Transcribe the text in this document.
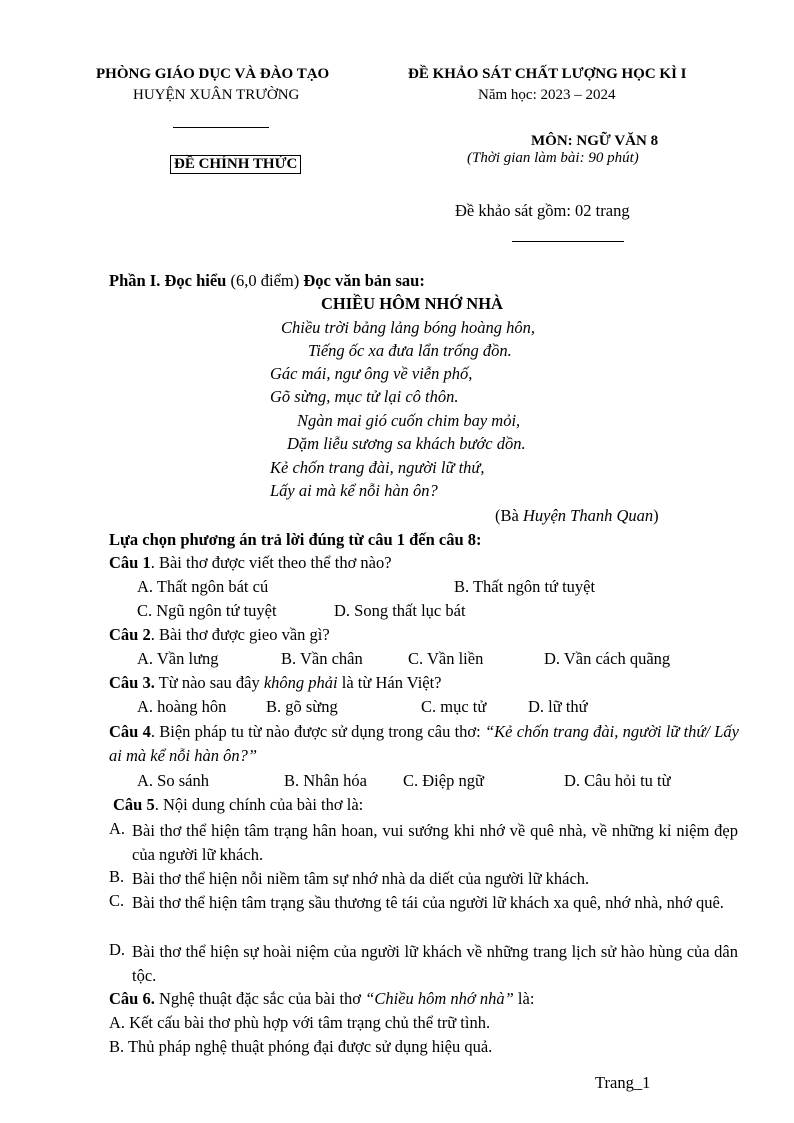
PHÒNG GIÁO DỤC VÀ ĐÀO TẠO
HUYỆN XUÂN TRƯỜNG
ĐỀ CHÍNH THỨC
ĐỀ KHẢO SÁT CHẤT LƯỢNG HỌC KÌ I
Năm học: 2023 – 2024
MÔN: NGỮ VĂN 8
(Thời gian làm bài: 90 phút)
Đề khảo sát gồm: 02 trang
Phần I. Đọc hiểu (6,0 điểm) Đọc văn bản sau:
CHIỀU HÔM NHỚ NHÀ
Chiều trời bảng lảng bóng hoàng hôn,
Tiếng ốc xa đưa lẩn trống đồn.
Gác mái, ngư ông về viễn phố,
Gõ sừng, mục tử lại cô thôn.
Ngàn mai gió cuốn chim bay mỏi,
Dặm liễu sương sa khách bước dồn.
Kẻ chốn trang đài, người lữ thứ,
Lấy ai mà kể nỗi hàn ôn?
(Bà Huyện Thanh Quan)
Lựa chọn phương án trả lời đúng từ câu 1 đến câu 8:
Câu 1. Bài thơ được viết theo thể thơ nào?
A. Thất ngôn bát cú	B. Thất ngôn tứ tuyệt
C. Ngũ ngôn tứ tuyệt	D. Song thất lục bát
Câu 2. Bài thơ được gieo vần gì?
A. Vần lưng	B. Vần chân	C. Vần liền	D. Vần cách quãng
Câu 3. Từ nào sau đây không phải là từ Hán Việt?
A. hoàng hôn B. gõ sừng	C. mục tử	D. lữ thứ
Câu 4. Biện pháp tu từ nào được sử dụng trong câu thơ: “Kẻ chốn trang đài, người lữ thứ/ Lấy ai mà kể nỗi hàn ôn?”
A. So sánh	B. Nhân hóa C. Điệp ngữ	D. Câu hỏi tu từ
Câu 5. Nội dung chính của bài thơ là:
A. Bài thơ thể hiện tâm trạng hân hoan, vui sướng khi nhớ về quê nhà, về những kỉ niệm đẹp của người lữ khách.
B. Bài thơ thể hiện nỗi niềm tâm sự nhớ nhà da diết của người lữ khách.
C. Bài thơ thể hiện tâm trạng sầu thương tê tái của người lữ khách xa quê, nhớ nhà, nhớ quê.
D. Bài thơ thể hiện sự hoài niệm của người lữ khách về những trang lịch sử hào hùng của dân tộc.
Câu 6. Nghệ thuật đặc sắc của bài thơ “Chiều hôm nhớ nhà” là:
A. Kết cấu bài thơ phù hợp với tâm trạng chủ thể trữ tình.
B. Thủ pháp nghệ thuật phóng đại được sử dụng hiệu quả.
Trang_1
